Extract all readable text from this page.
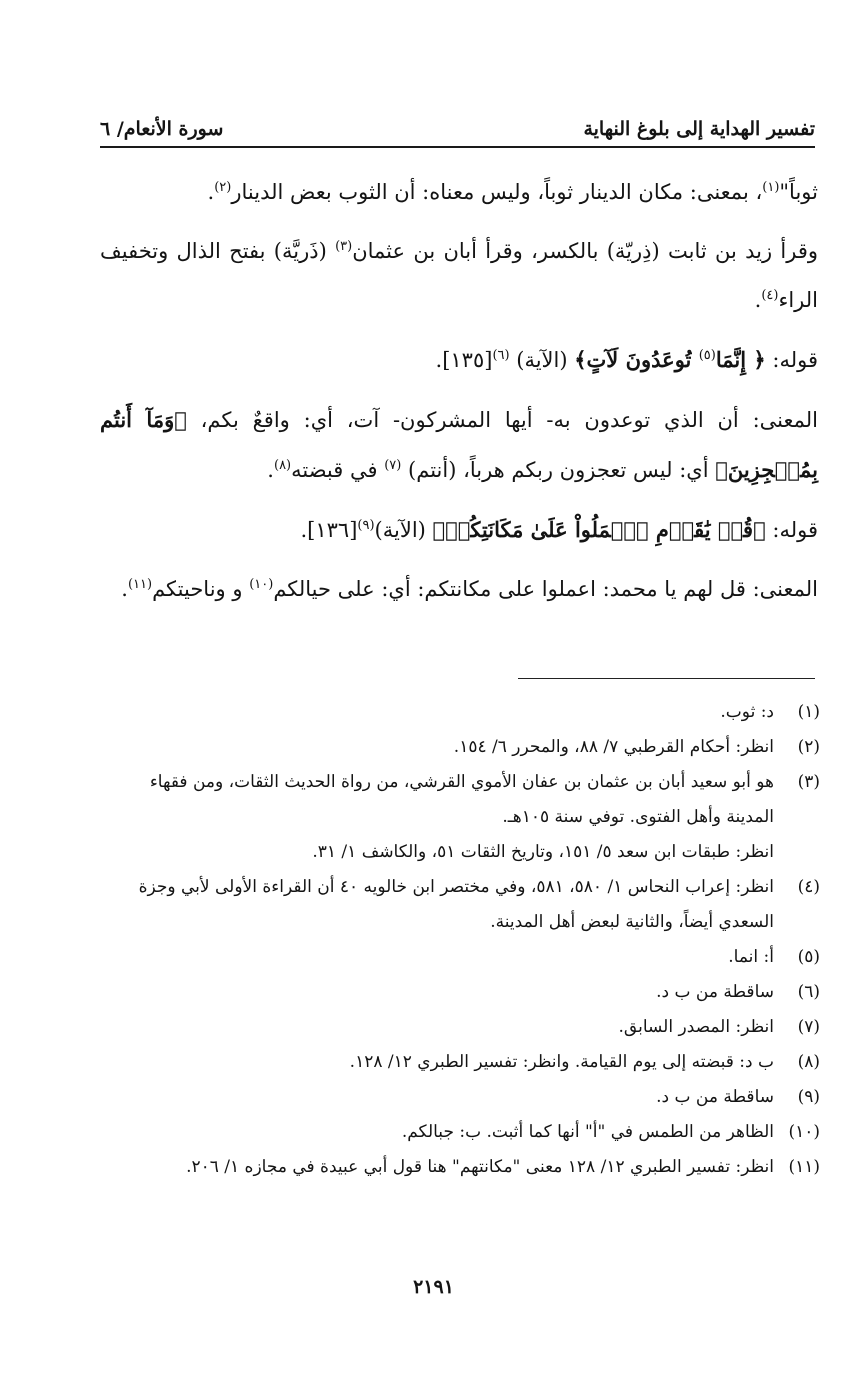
تفسير الهداية إلى بلوغ النهاية
سورة الأنعام/ ٦

ثوباً"$^{(١)}$، بمعنى: مكان الدينار ثوباً، وليس معناه: أن الثوب بعض الدينار$^{(٢)}$.

وقرأ زيد بن ثابت (ذِريّة) بالكسر، وقرأ أبان بن عثمان$^{(٣)}$ (ذَريَّة) بفتح الذال وتخفيف الراء$^{(٤)}$.

قوله: ﴿ إِنَّمَا$^{(٥)}$ تُوعَدُونَ لَآتٍ﴾ (الآية) $^{(٦)}$[١٣٥].

المعنى: أن الذي توعدون به- أيها المشركون- آت، أي: واقعٌ بكم، ﴿وَمَآ أَنتُم بِمُعۡجِزِينَ﴾ أي: ليس تعجزون ربكم هرباً، (أنتم) $^{(٧)}$ في قبضته$^{(٨)}$.

قوله: ﴿قُلۡ يَٰقَوۡمِ ٱعۡمَلُواْ عَلَىٰ مَكَانَتِكُمۡ﴾ (الآية)$^{(٩)}$[١٣٦].

المعنى: قل لهم يا محمد: اعملوا على مكانتكم: أي: على حيالكم$^{(١٠)}$ و وناحيتكم$^{(١١)}$.

(١)
د: ثوب.
(٢)
انظر: أحكام القرطبي ٧/ ٨٨، والمحرر ٦/ ١٥٤.
(٣)
هو أبو سعيد أبان بن عثمان بن عفان الأموي القرشي، من رواة الحديث الثقات، ومن فقهاء المدينة وأهل الفتوى. توفي سنة ١٠٥هـ.
انظر: طبقات ابن سعد ٥/ ١٥١، وتاريخ الثقات ٥١، والكاشف ١/ ٣١.
(٤)
انظر: إعراب النحاس ١/ ٥٨٠، ٥٨١، وفي مختصر ابن خالويه ٤٠ أن القراءة الأولى لأبي وجزة السعدي أيضاً، والثانية لبعض أهل المدينة.
(٥)
أ: انما.
(٦)
ساقطة من ب د.
(٧)
انظر: المصدر السابق.
(٨)
ب د: قبضته إلى يوم القيامة. وانظر: تفسير الطبري ١٢/ ١٢٨.
(٩)
ساقطة من ب د.
(١٠)
الظاهر من الطمس في "أ" أنها كما أثبت. ب: جبالكم.
(١١)
انظر: تفسير الطبري ١٢/ ١٢٨ معنى "مكانتهم" هنا قول أبي عبيدة في مجازه ١/ ٢٠٦.
٢١٩١
